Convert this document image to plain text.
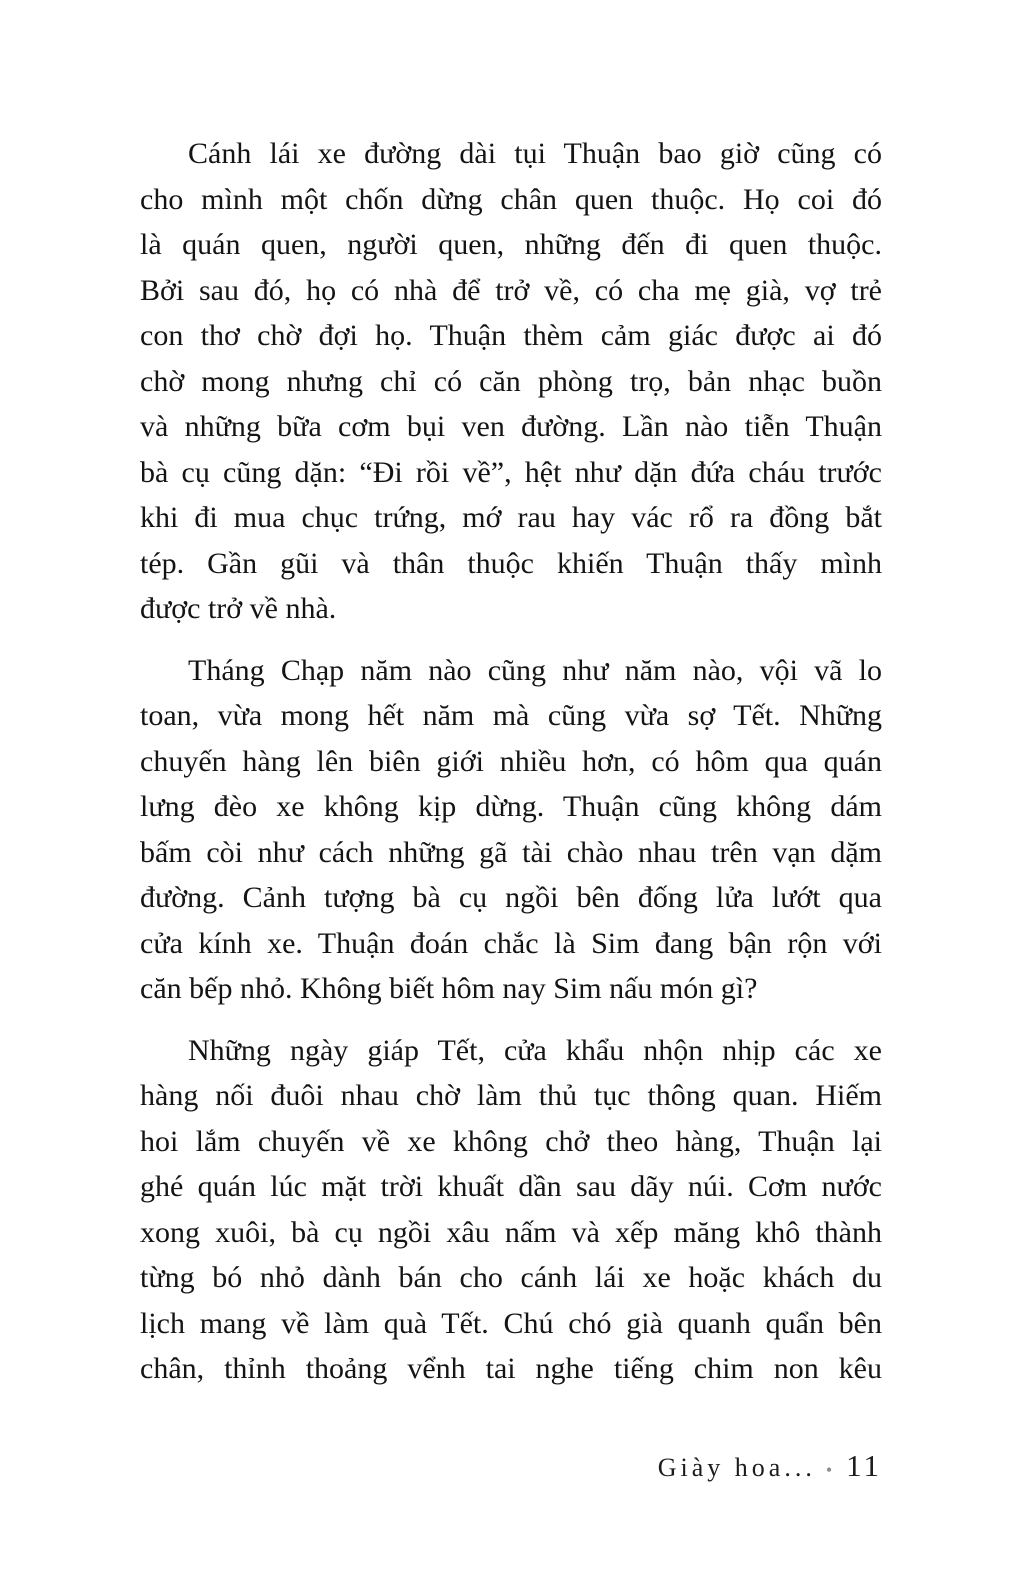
Cánh lái xe đường dài tụi Thuận bao giờ cũng có
cho mình một chốn dừng chân quen thuộc. Họ coi đó
là quán quen, người quen, những đến đi quen thuộc.
Bởi sau đó, họ có nhà để trở về, có cha mẹ già, vợ trẻ
con thơ chờ đợi họ. Thuận thèm cảm giác được ai đó
chờ mong nhưng chỉ có căn phòng trọ, bản nhạc buồn
và những bữa cơm bụi ven đường. Lần nào tiễn Thuận
bà cụ cũng dặn: “Đi rồi về”, hệt như dặn đứa cháu trước
khi đi mua chục trứng, mớ rau hay vác rổ ra đồng bắt
tép. Gần gũi và thân thuộc khiến Thuận thấy mình
được trở về nhà.
Tháng Chạp năm nào cũng như năm nào, vội vã lo
toan, vừa mong hết năm mà cũng vừa sợ Tết. Những
chuyến hàng lên biên giới nhiều hơn, có hôm qua quán
lưng đèo xe không kịp dừng. Thuận cũng không dám
bấm còi như cách những gã tài chào nhau trên vạn dặm
đường. Cảnh tượng bà cụ ngồi bên đống lửa lướt qua
cửa kính xe. Thuận đoán chắc là Sim đang bận rộn với
căn bếp nhỏ. Không biết hôm nay Sim nấu món gì?
Những ngày giáp Tết, cửa khẩu nhộn nhịp các xe
hàng nối đuôi nhau chờ làm thủ tục thông quan. Hiếm
hoi lắm chuyến về xe không chở theo hàng, Thuận lại
ghé quán lúc mặt trời khuất dần sau dãy núi. Cơm nước
xong xuôi, bà cụ ngồi xâu nấm và xếp măng khô thành
từng bó nhỏ dành bán cho cánh lái xe hoặc khách du
lịch mang về làm quà Tết. Chú chó già quanh quẩn bên
chân, thỉnh thoảng vểnh tai nghe tiếng chim non kêu
Giày hoa... • 11
